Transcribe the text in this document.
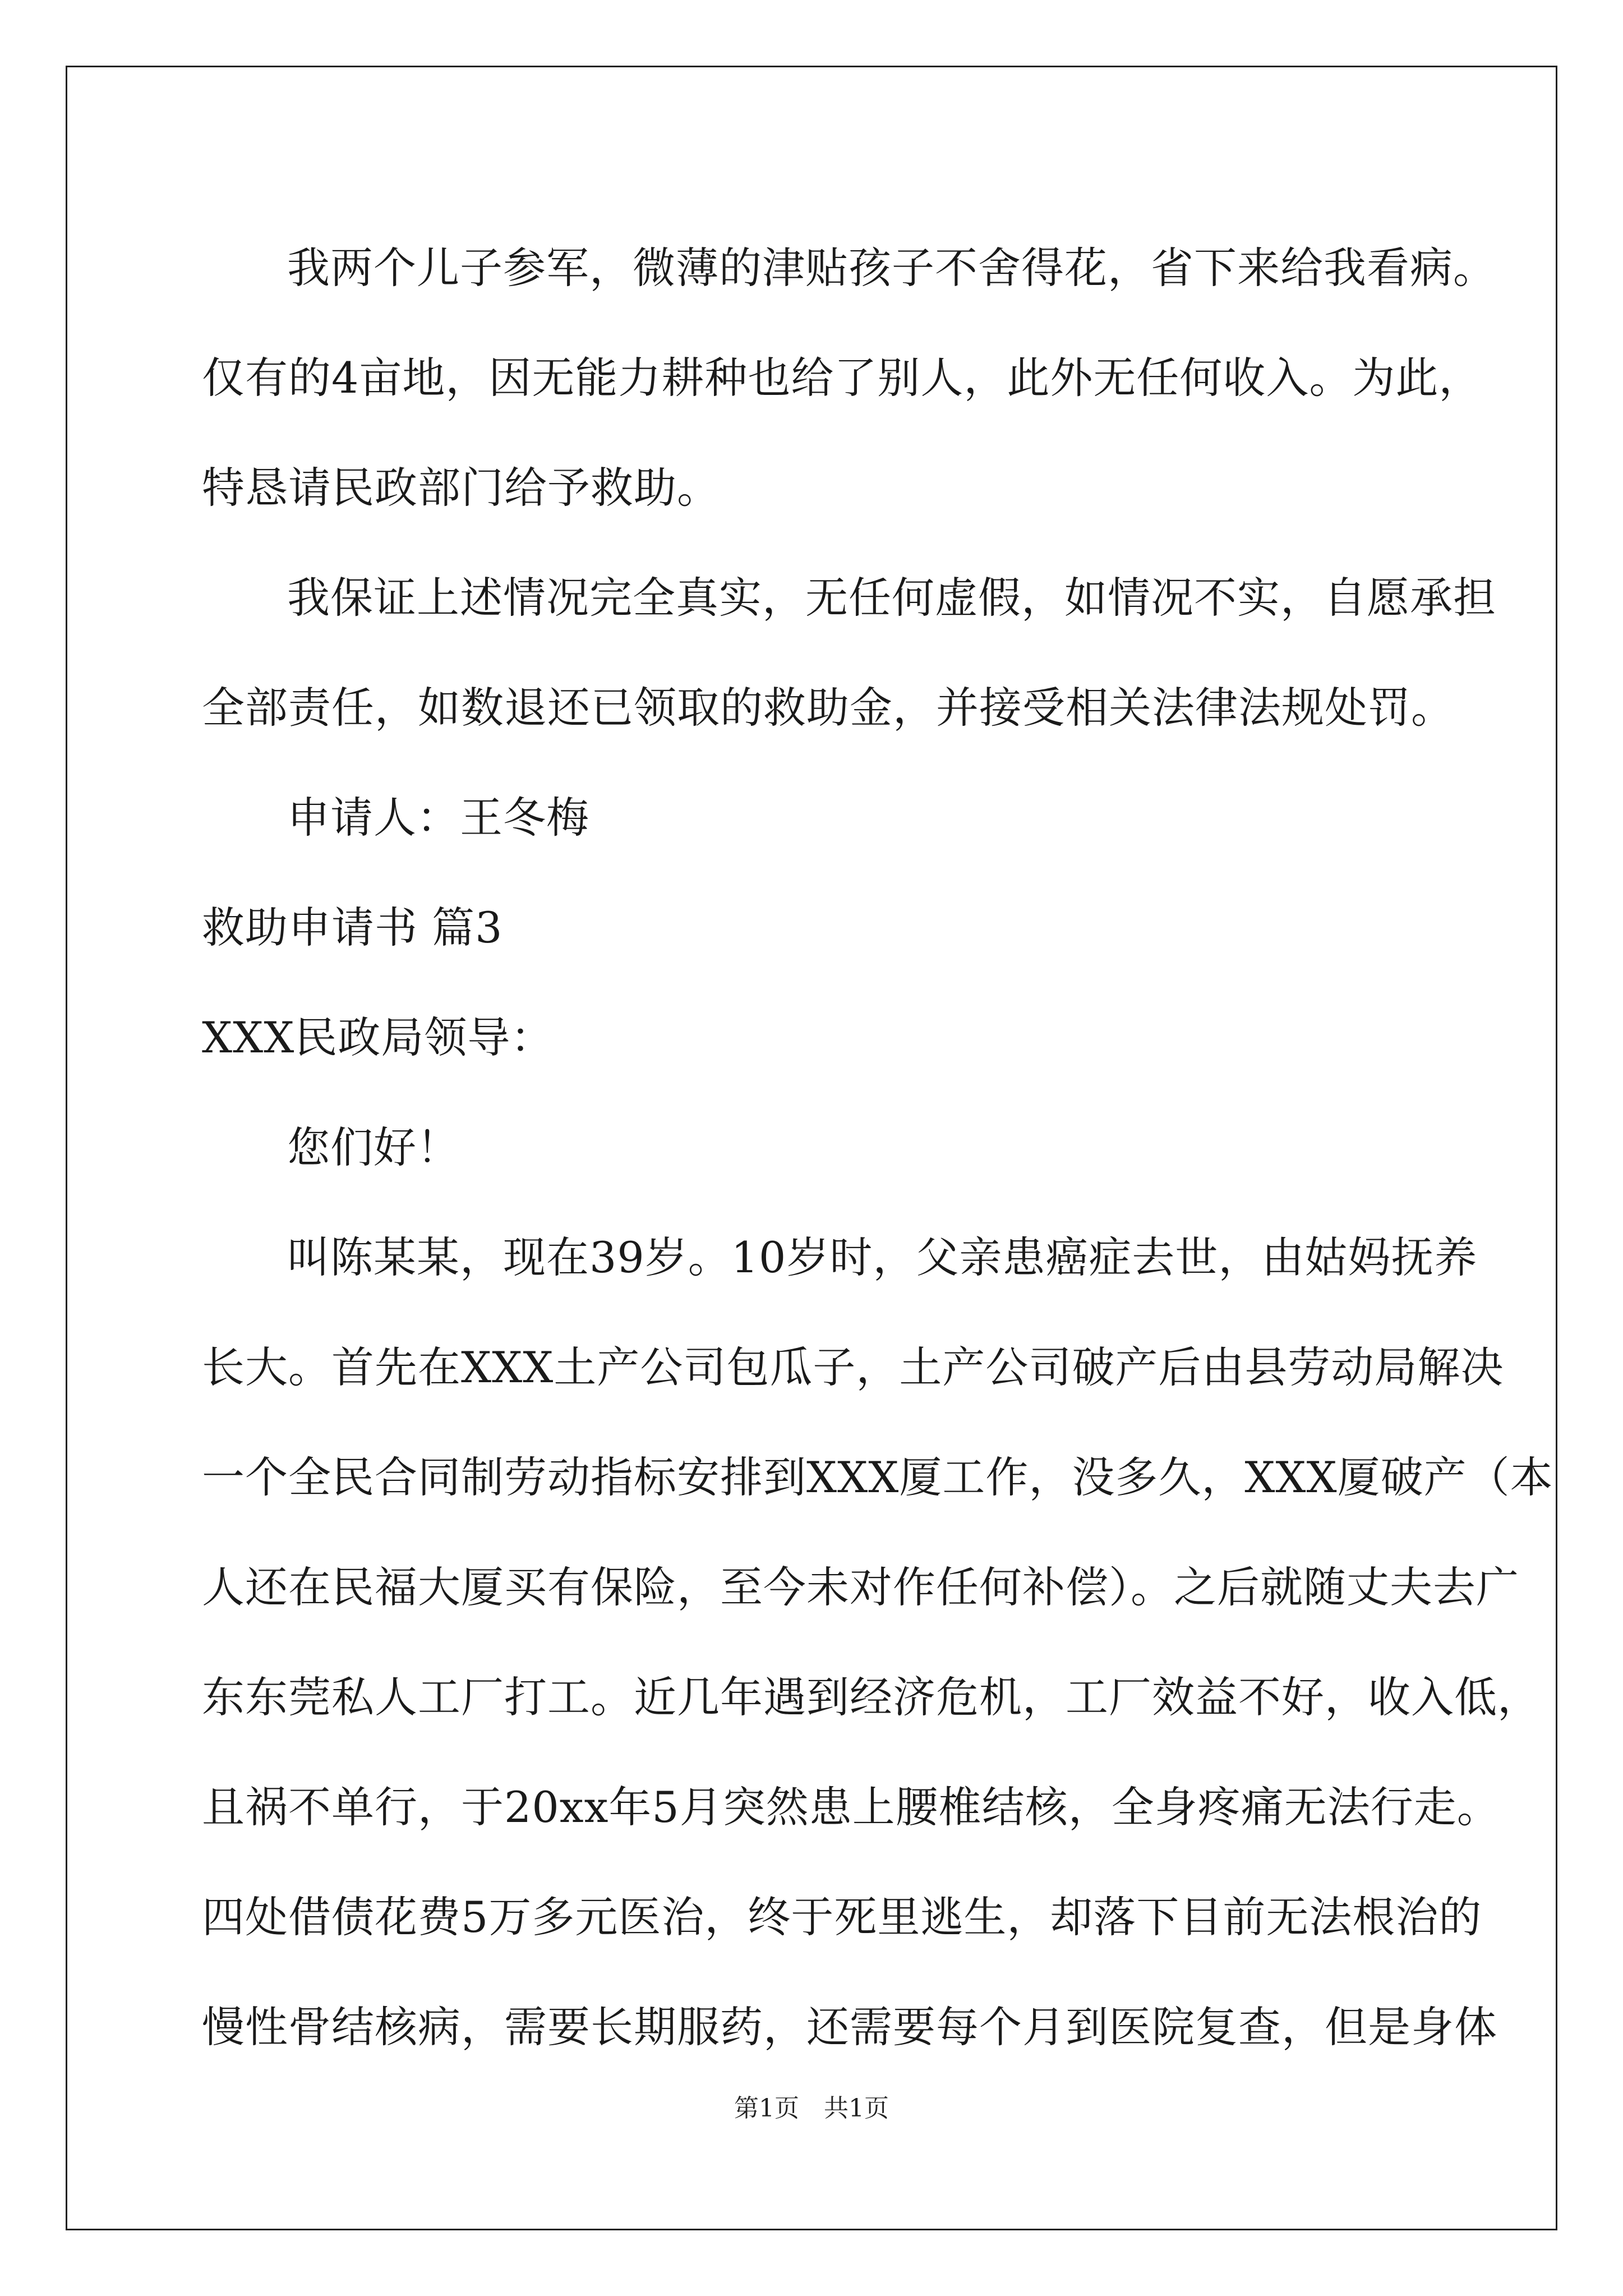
我两个儿子参军，微薄的津贴孩子不舍得花，省下来给我看病。
仅有的4亩地，因无能力耕种也给了别人，此外无任何收入。为此，
特恳请民政部门给予救助。
我保证上述情况完全真实，无任何虚假，如情况不实，自愿承担
全部责任，如数退还已领取的救助金，并接受相关法律法规处罚。
申请人：王冬梅
救助申请书 篇3
XXX民政局领导：
您们好！
叫陈某某，现在39岁。10岁时，父亲患癌症去世，由姑妈抚养
长大。首先在XXX土产公司包瓜子，土产公司破产后由县劳动局解决
一个全民合同制劳动指标安排到XXX厦工作，没多久，XXX厦破产（本
人还在民福大厦买有保险，至今未对作任何补偿）。之后就随丈夫去广
东东莞私人工厂打工。近几年遇到经济危机，工厂效益不好，收入低，
且祸不单行，于20xx年5月突然患上腰椎结核，全身疼痛无法行走。
四处借债花费5万多元医治，终于死里逃生，却落下目前无法根治的
慢性骨结核病，需要长期服药，还需要每个月到医院复查，但是身体
第1页　共1页
